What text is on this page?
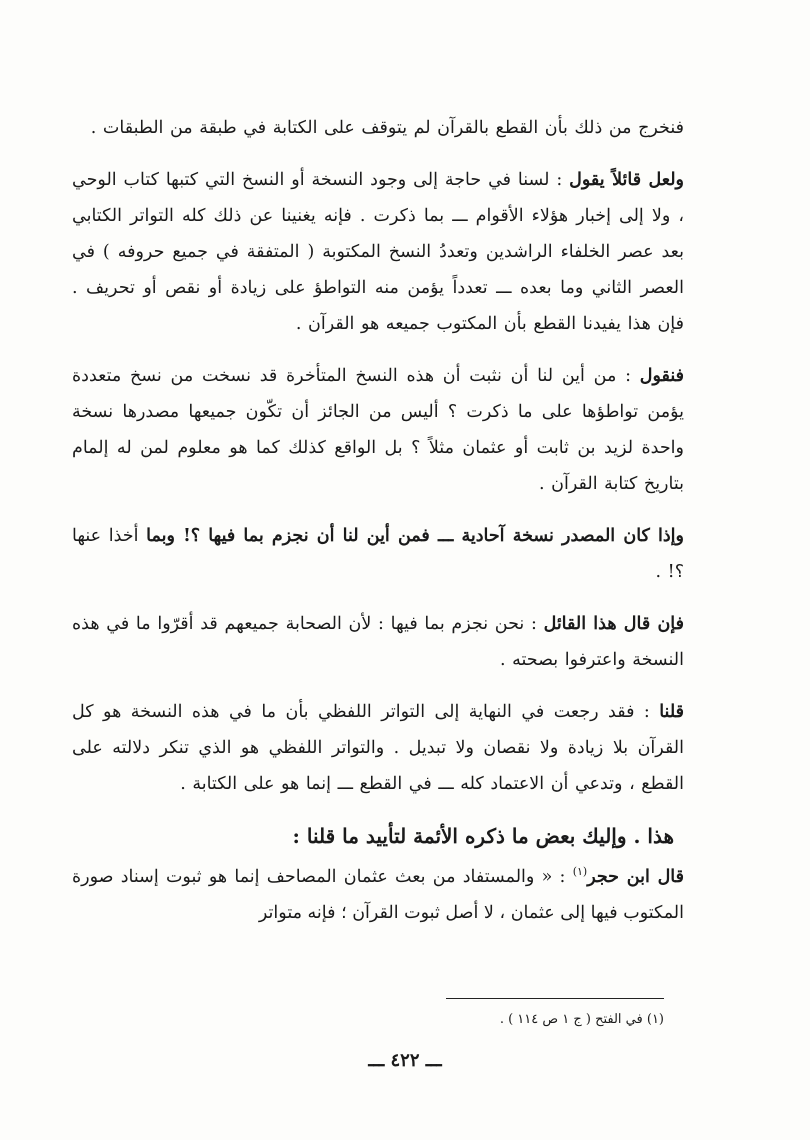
فنخرج من ذلك بأن القطع بالقرآن لم يتوقف على الكتابة في طبقة من الطبقات .

ولعل قائلاً يقول : لسنا في حاجة إلى وجود النسخة أو النسخ التي كتبها كتاب الوحي ، ولا إلى إخبار هؤلاء الأقوام ـــ بما ذكرت . فإنه يغنينا عن ذلك كله التواتر الكتابي بعد عصر الخلفاء الراشدين وتعددُ النسخ المكتوبة ( المتفقة في جميع حروفه ) في العصر الثاني وما بعده ـــ تعدداً يؤمن منه التواطؤ على زيادة أو نقص أو تحريف . فإن هذا يفيدنا القطع بأن المكتوب جميعه هو القرآن .

فنقول : من أين لنا أن نثبت أن هذه النسخ المتأخرة قد نسخت من نسخ متعددة يؤمن تواطؤها على ما ذكرت ؟ أليس من الجائز أن تكّون جميعها مصدرها نسخة واحدة لزيد بن ثابت أو عثمان مثلاً ؟ بل الواقع كذلك كما هو معلوم لمن له إلمام بتاريخ كتابة القرآن .

وإذا كان المصدر نسخة آحادية ـــ فمن أين لنا أن نجزم بما فيها ؟! وبما أخذا عنها ؟! .

فإن قال هذا القائل : نحن نجزم بما فيها : لأن الصحابة جميعهم قد أقرّوا ما في هذه النسخة واعترفوا بصحته .

قلنا : فقد رجعت في النهاية إلى التواتر اللفظي بأن ما في هذه النسخة هو كل القرآن بلا زيادة ولا نقصان ولا تبديل . والتواتر اللفظي هو الذي تنكر دلالته على القطع ، وتدعي أن الاعتماد كله ـــ في القطع ـــ إنما هو على الكتابة .

هذا . وإليك بعض ما ذكره الأئمة لتأييد ما قلنا :

قال ابن حجر$^{(١)}$ : « والمستفاد من بعث عثمان المصاحف إنما هو ثبوت إسناد صورة المكتوب فيها إلى عثمان ، لا أصل ثبوت القرآن ؛ فإنه متواتر

(١) في الفتح ( ج ١ ص ١١٤ ) .
ـــ ٤٢٢ ـــ
